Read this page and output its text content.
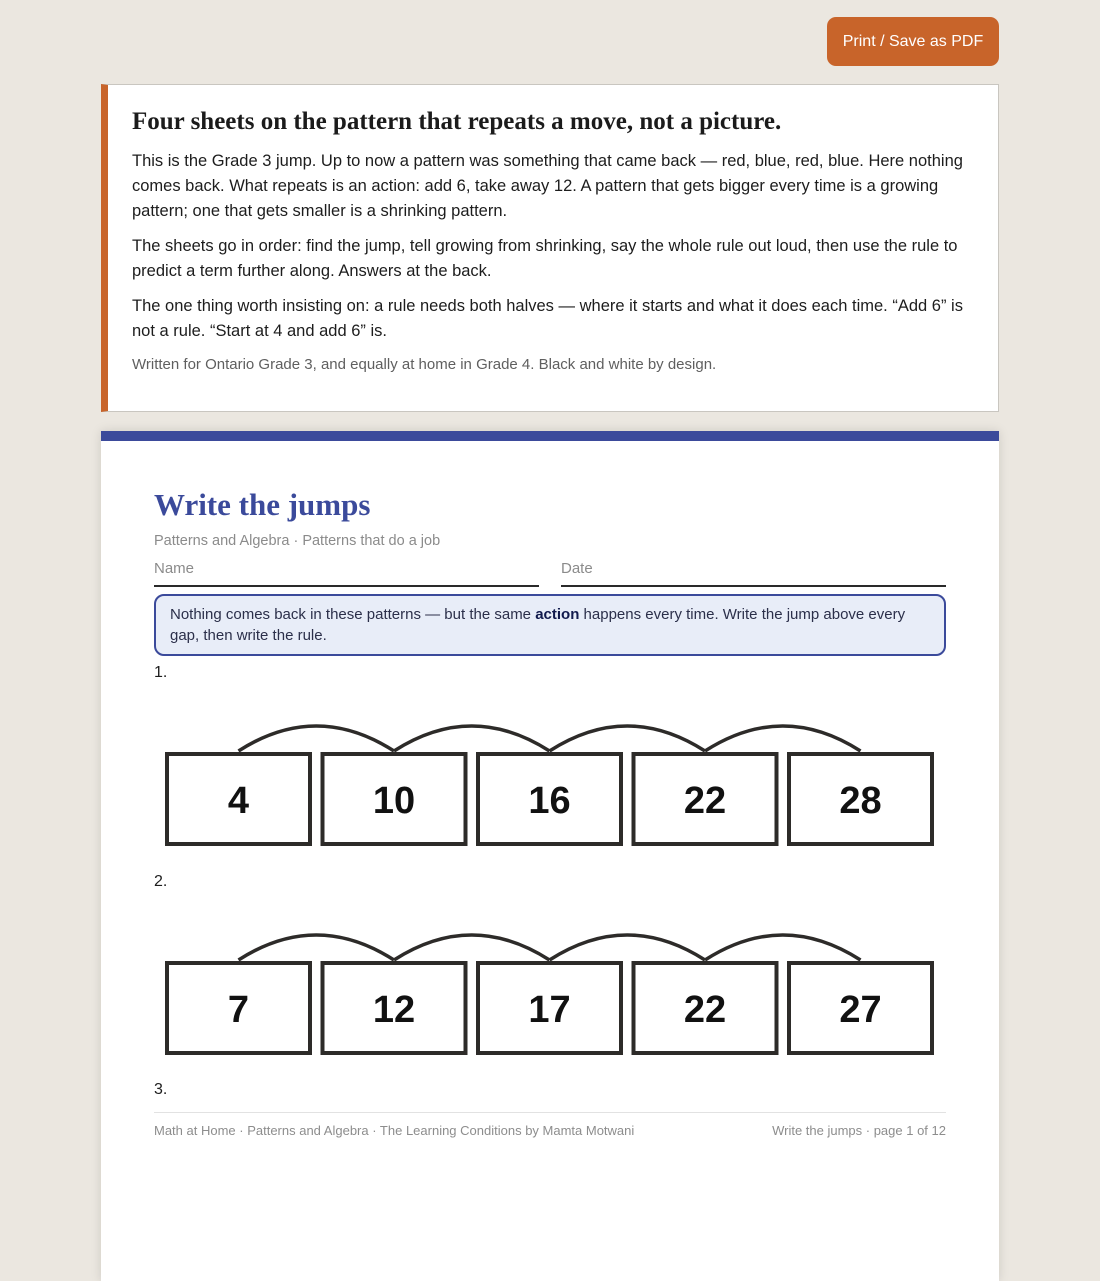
Print / Save as PDF
Four sheets on the pattern that repeats a move, not a picture.

This is the Grade 3 jump. Up to now a pattern was something that came back — red, blue, red, blue. Here nothing comes back. What repeats is an action: add 6, take away 12. A pattern that gets bigger every time is a growing pattern; one that gets smaller is a shrinking pattern.

The sheets go in order: find the jump, tell growing from shrinking, say the whole rule out loud, then use the rule to predict a term further along. Answers at the back.

The one thing worth insisting on: a rule needs both halves — where it starts and what it does each time. “Add 6” is not a rule. “Start at 4 and add 6” is.

Written for Ontario Grade 3, and equally at home in Grade 4. Black and white by design.

Write the jumps
Patterns and Algebra · Patterns that do a job
Name	Date
Nothing comes back in these patterns — but the same action happens every time. Write the jump above every gap, then write the rule.
1.
4	10	16	22	28
2.
7	12	17	22	27
3.
Math at Home · Patterns and Algebra · The Learning Conditions by Mamta Motwani	Write the jumps · page 1 of 12
